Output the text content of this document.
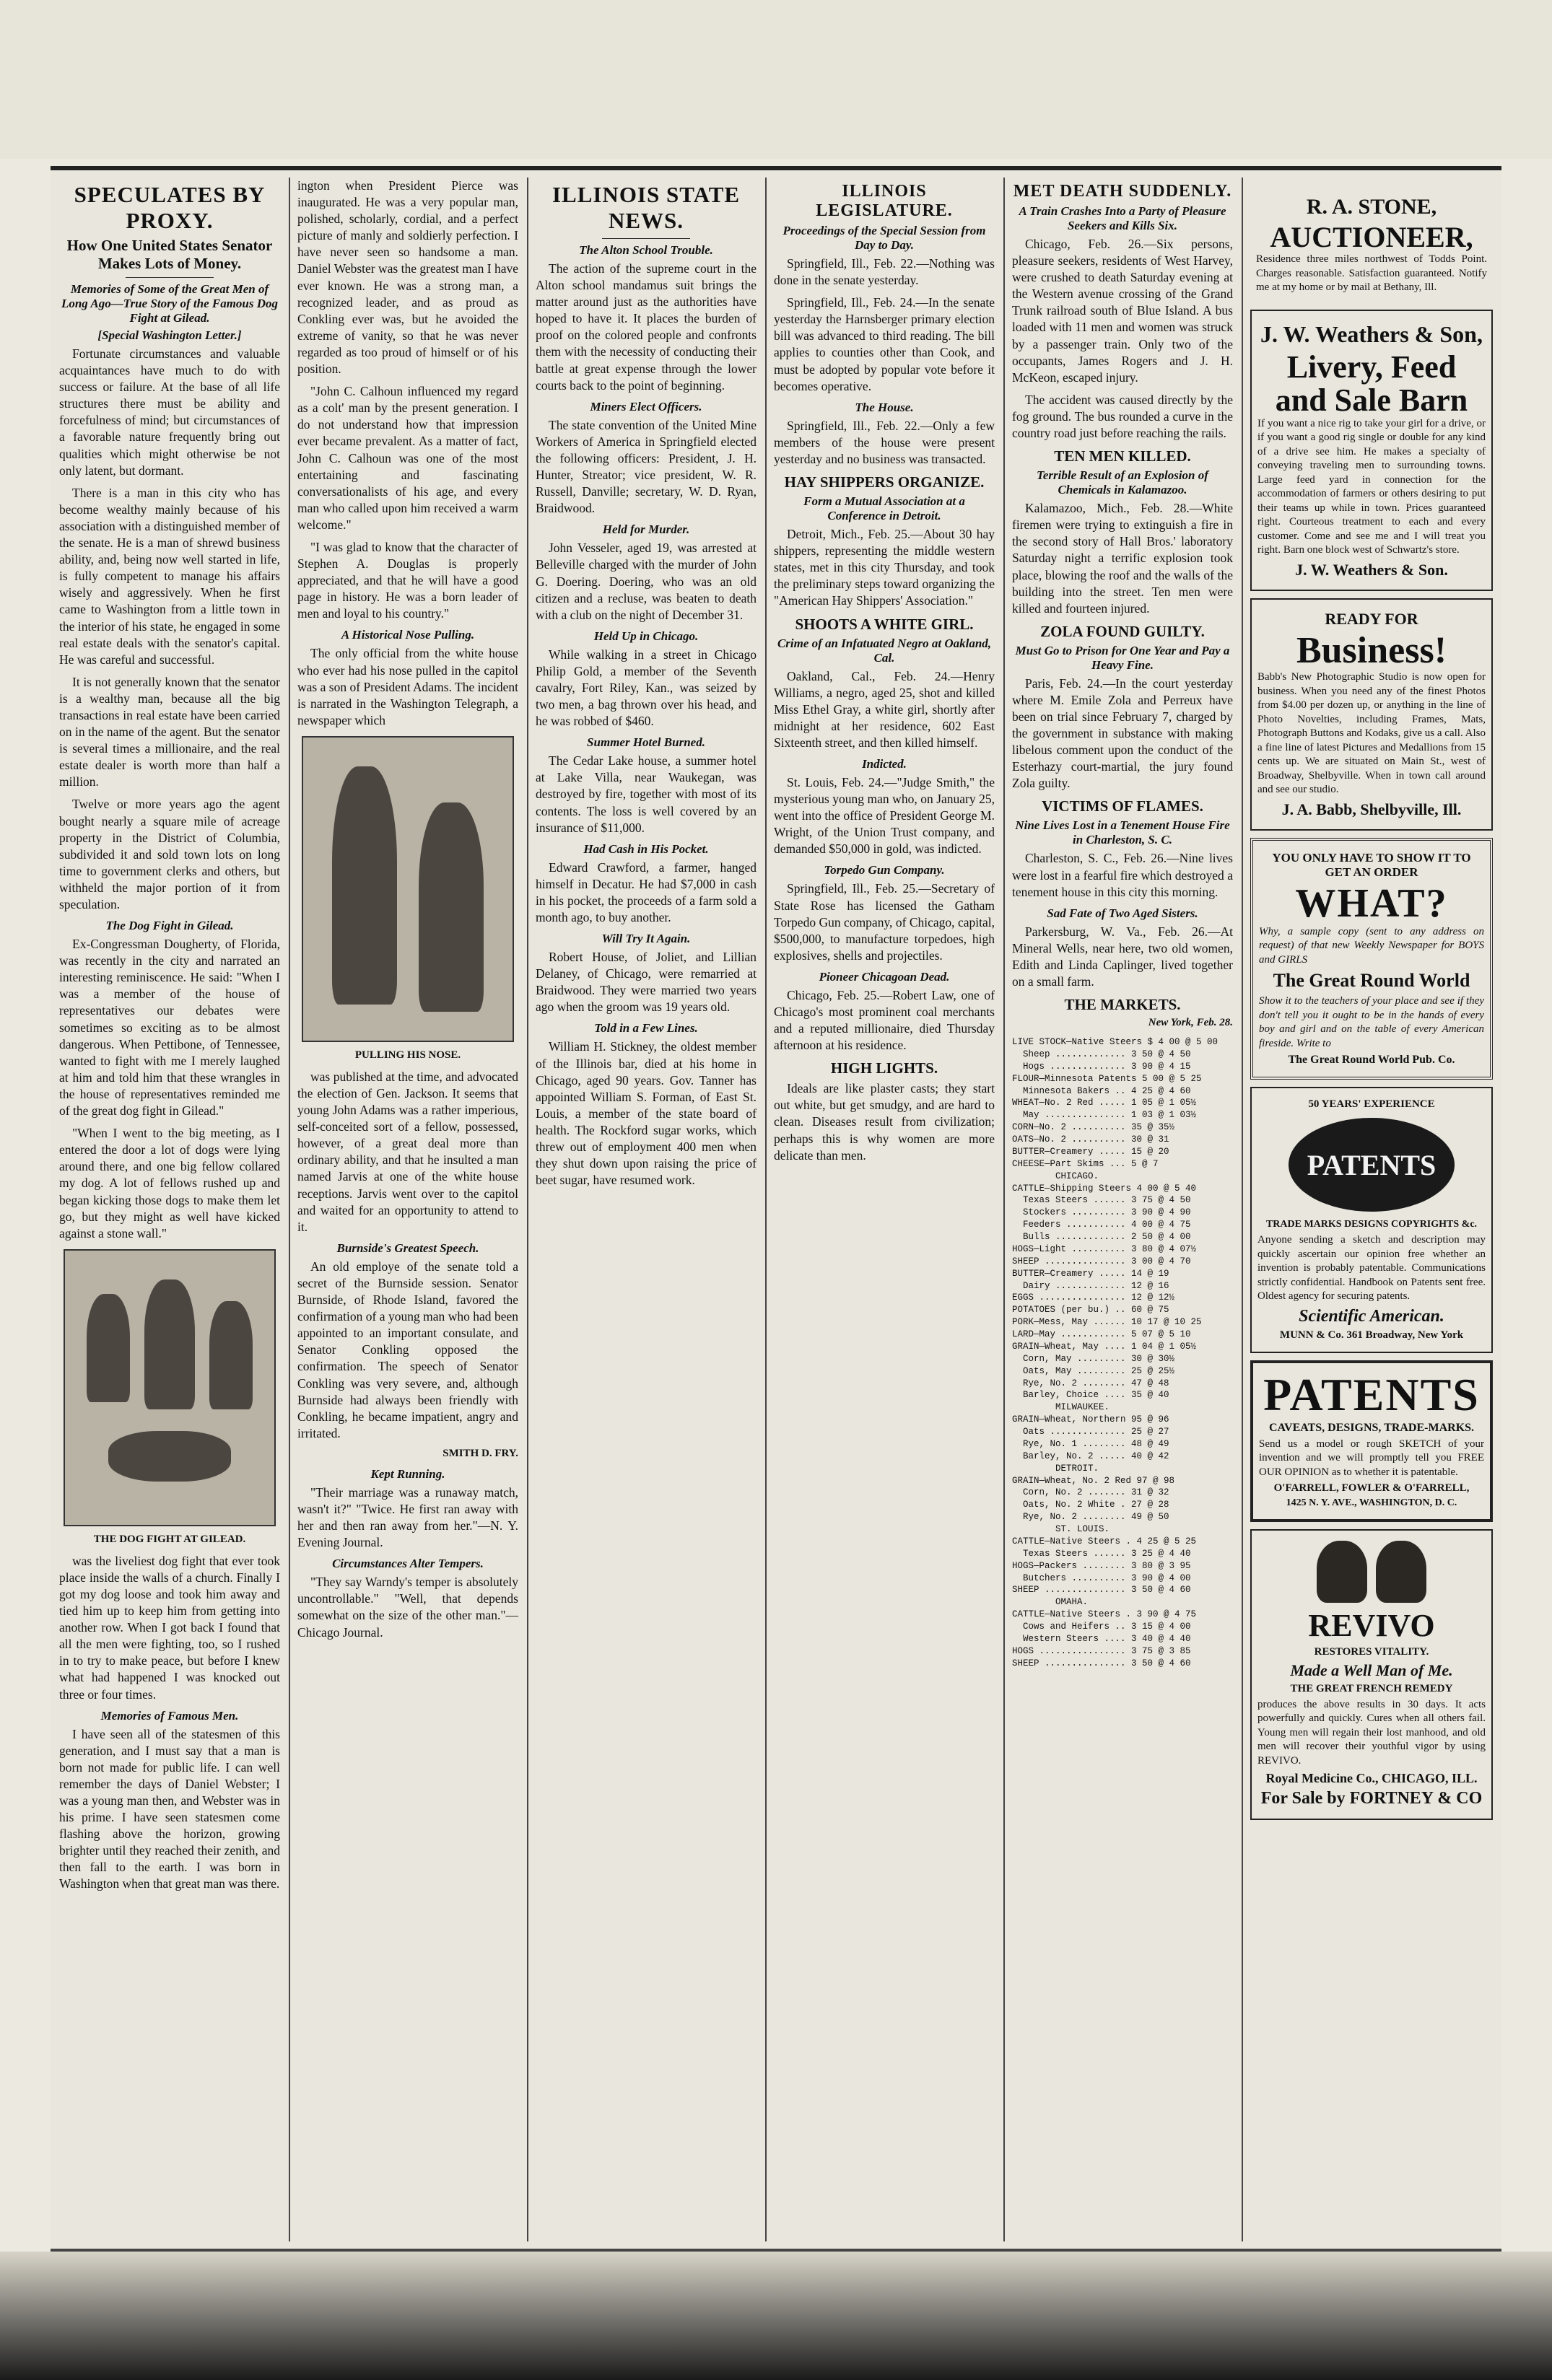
SPECULATES BY PROXY.
How One United States Senator Makes Lots of Money.
Memories of Some of the Great Men of Long Ago—True Story of the Famous Dog Fight at Gilead.
[Special Washington Letter.]

Fortunate circumstances and valuable acquaintances have much to do with success or failure. At the base of all life structures there must be ability and forcefulness of mind; but circumstances of a favorable nature frequently bring out qualities which might otherwise be not only latent, but dormant.

There is a man in this city who has become wealthy mainly because of his association with a distinguished member of the senate. He is a man of shrewd business ability, and, being now well started in life, is fully competent to manage his affairs wisely and aggressively. When he first came to Washington from a little town in the interior of his state, he engaged in some real estate deals with the senator's capital. He was careful and successful.

It is not generally known that the senator is a wealthy man, because all the big transactions in real estate have been carried on in the name of the agent. But the senator is several times a millionaire, and the real estate dealer is worth more than half a million.

Twelve or more years ago the agent bought nearly a square mile of acreage property in the District of Columbia, subdivided it and sold town lots on long time to government clerks and others, but withheld the major portion of it from speculation.

The Dog Fight in Gilead.

Ex-Congressman Dougherty, of Florida, was recently in the city and narrated an interesting reminiscence. He said: "When I was a member of the house of representatives our debates were sometimes so exciting as to be almost dangerous. When Pettibone, of Tennessee, wanted to fight with me I merely laughed at him and told him that these wrangles in the house of representatives reminded me of the great dog fight in Gilead."

"When I went to the big meeting, as I entered the door a lot of dogs were lying around there, and one big fellow collared my dog. A lot of fellows rushed up and began kicking those dogs to make them let go, but they might as well have kicked against a stone wall."

THE DOG FIGHT AT GILEAD.

was the liveliest dog fight that ever took place inside the walls of a church. Finally I got my dog loose and took him away and tied him up to keep him from getting into another row. When I got back I found that all the men were fighting, too, so I rushed in to try to make peace, but before I knew what had happened I was knocked out three or four times.

Memories of Famous Men.

I have seen all of the statesmen of this generation, and I must say that a man is born not made for public life. I can well remember the days of Daniel Webster; I was a young man then, and Webster was in his prime. I have seen statesmen come flashing above the horizon, growing brighter until they reached their zenith, and then fall to the earth. I was born in Washington when that great man was there.

ington when President Pierce was inaugurated. He was a very popular man, polished, scholarly, cordial, and a perfect picture of manly and soldierly perfection. I have never seen so handsome a man. Daniel Webster was the greatest man I have ever known. He was a strong man, a recognized leader, and as proud as Conkling ever was, but he avoided the extreme of vanity, so that he was never regarded as too proud of himself or of his position.

"John C. Calhoun influenced my regard as a colt' man by the present generation. I do not understand how that impression ever became prevalent. As a matter of fact, John C. Calhoun was one of the most entertaining and fascinating conversationalists of his age, and every man who called upon him received a warm welcome."

"I was glad to know that the character of Stephen A. Douglas is properly appreciated, and that he will have a good page in history. He was a born leader of men and loyal to his country."

A Historical Nose Pulling.

The only official from the white house who ever had his nose pulled in the capitol was a son of President Adams. The incident is narrated in the Washington Telegraph, a newspaper which

PULLING HIS NOSE.

was published at the time, and advocated the election of Gen. Jackson. It seems that young John Adams was a rather imperious, self-conceited sort of a fellow, possessed, however, of a great deal more than ordinary ability, and that he insulted a man named Jarvis at one of the white house receptions. Jarvis went over to the capitol and waited for an opportunity to attend to it.

Burnside's Greatest Speech.

An old employe of the senate told a secret of the Burnside session. Senator Burnside, of Rhode Island, favored the confirmation of a young man who had been appointed to an important consulate, and Senator Conkling opposed the confirmation. The speech of Senator Conkling was very severe, and, although Burnside had always been friendly with Conkling, he became impatient, angry and irritated.

SMITH D. FRY.
Kept Running.

"Their marriage was a runaway match, wasn't it?" "Twice. He first ran away with her and then ran away from her."—N. Y. Evening Journal.

Circumstances Alter Tempers.

"They say Warndy's temper is absolutely uncontrollable." "Well, that depends somewhat on the size of the other man."—Chicago Journal.

ILLINOIS STATE NEWS.
The Alton School Trouble.

The action of the supreme court in the Alton school mandamus suit brings the matter around just as the authorities have hoped to have it. It places the burden of proof on the colored people and confronts them with the necessity of conducting their battle at great expense through the lower courts back to the point of beginning.

Miners Elect Officers.

The state convention of the United Mine Workers of America in Springfield elected the following officers: President, J. H. Hunter, Streator; vice president, W. R. Russell, Danville; secretary, W. D. Ryan, Braidwood.

Held for Murder.

John Vesseler, aged 19, was arrested at Belleville charged with the murder of John G. Doering. Doering, who was an old citizen and a recluse, was beaten to death with a club on the night of December 31.

Held Up in Chicago.

While walking in a street in Chicago Philip Gold, a member of the Seventh cavalry, Fort Riley, Kan., was seized by two men, a bag thrown over his head, and he was robbed of $460.

Summer Hotel Burned.

The Cedar Lake house, a summer hotel at Lake Villa, near Waukegan, was destroyed by fire, together with most of its contents. The loss is well covered by an insurance of $11,000.

Had Cash in His Pocket.

Edward Crawford, a farmer, hanged himself in Decatur. He had $7,000 in cash in his pocket, the proceeds of a farm sold a month ago, to buy another.

Will Try It Again.

Robert House, of Joliet, and Lillian Delaney, of Chicago, were remarried at Braidwood. They were married two years ago when the groom was 19 years old.

Told in a Few Lines.

William H. Stickney, the oldest member of the Illinois bar, died at his home in Chicago, aged 90 years. Gov. Tanner has appointed William S. Forman, of East St. Louis, a member of the state board of health. The Rockford sugar works, which threw out of employment 400 men when they shut down upon raising the price of beet sugar, have resumed work.

ILLINOIS LEGISLATURE.
Proceedings of the Special Session from Day to Day.

Springfield, Ill., Feb. 22.—Nothing was done in the senate yesterday.

Springfield, Ill., Feb. 24.—In the senate yesterday the Harnsberger primary election bill was advanced to third reading. The bill applies to counties other than Cook, and must be adopted by popular vote before it becomes operative.

The House.

Springfield, Ill., Feb. 22.—Only a few members of the house were present yesterday and no business was transacted.

HAY SHIPPERS ORGANIZE.
Form a Mutual Association at a Conference in Detroit.

Detroit, Mich., Feb. 25.—About 30 hay shippers, representing the middle western states, met in this city Thursday, and took the preliminary steps toward organizing the "American Hay Shippers' Association."

SHOOTS A WHITE GIRL.
Crime of an Infatuated Negro at Oakland, Cal.

Oakland, Cal., Feb. 24.—Henry Williams, a negro, aged 25, shot and killed Miss Ethel Gray, a white girl, shortly after midnight at her residence, 602 East Sixteenth street, and then killed himself.

Indicted.

St. Louis, Feb. 24.—"Judge Smith," the mysterious young man who, on January 25, went into the office of President George M. Wright, of the Union Trust company, and demanded $50,000 in gold, was indicted.

Torpedo Gun Company.

Springfield, Ill., Feb. 25.—Secretary of State Rose has licensed the Gatham Torpedo Gun company, of Chicago, capital, $500,000, to manufacture torpedoes, high explosives, shells and projectiles.

Pioneer Chicagoan Dead.

Chicago, Feb. 25.—Robert Law, one of Chicago's most prominent coal merchants and a reputed millionaire, died Thursday afternoon at his residence.

HIGH LIGHTS.

Ideals are like plaster casts; they start out white, but get smudgy, and are hard to clean. Diseases result from civilization; perhaps this is why women are more delicate than men.

MET DEATH SUDDENLY.
A Train Crashes Into a Party of Pleasure Seekers and Kills Six.

Chicago, Feb. 26.—Six persons, pleasure seekers, residents of West Harvey, were crushed to death Saturday evening at the Western avenue crossing of the Grand Trunk railroad south of Blue Island. A bus loaded with 11 men and women was struck by a passenger train. Only two of the occupants, James Rogers and J. H. McKeon, escaped injury.

The accident was caused directly by the fog ground. The bus rounded a curve in the country road just before reaching the rails.

TEN MEN KILLED.
Terrible Result of an Explosion of Chemicals in Kalamazoo.

Kalamazoo, Mich., Feb. 28.—White firemen were trying to extinguish a fire in the second story of Hall Bros.' laboratory Saturday night a terrific explosion took place, blowing the roof and the walls of the building into the street. Ten men were killed and fourteen injured.

ZOLA FOUND GUILTY.
Must Go to Prison for One Year and Pay a Heavy Fine.

Paris, Feb. 24.—In the court yesterday where M. Emile Zola and Perreux have been on trial since February 7, charged by the government in substance with making libelous comment upon the conduct of the Esterhazy court-martial, the jury found Zola guilty.

VICTIMS OF FLAMES.
Nine Lives Lost in a Tenement House Fire in Charleston, S. C.

Charleston, S. C., Feb. 26.—Nine lives were lost in a fearful fire which destroyed a tenement house in this city this morning.

Sad Fate of Two Aged Sisters.

Parkersburg, W. Va., Feb. 26.—At Mineral Wells, near here, two old women, Edith and Linda Caplinger, lived together on a small farm.

THE MARKETS.
New York, Feb. 28.
LIVE STOCK—Native Steers $ 4 00 @ 5 00
Sheep ............. 3 50 @ 4 50
Hogs .............. 3 90 @ 4 15
FLOUR—Minnesota Patents 5 00 @ 5 25
Minnesota Bakers .. 4 25 @ 4 60
WHEAT—No. 2 Red ..... 1 05 @ 1 05½
May ............... 1 03 @ 1 03½
CORN—No. 2 .......... 35 @ 35½
OATS—No. 2 .......... 30 @ 31
BUTTER—Creamery ..... 15 @ 20
CHEESE—Part Skims ... 5 @ 7
CHICAGO.
CATTLE—Shipping Steers 4 00 @ 5 40
Texas Steers ...... 3 75 @ 4 50
Stockers .......... 3 90 @ 4 90
Feeders ........... 4 00 @ 4 75
Bulls ............. 2 50 @ 4 00
HOGS—Light .......... 3 80 @ 4 07½
SHEEP ............... 3 00 @ 4 70
BUTTER—Creamery ..... 14 @ 19
Dairy ............. 12 @ 16
EGGS ................ 12 @ 12½
POTATOES (per bu.) .. 60 @ 75
PORK—Mess, May ...... 10 17 @ 10 25
LARD—May ............ 5 07 @ 5 10
GRAIN—Wheat, May .... 1 04 @ 1 05½
Corn, May ......... 30 @ 30½
Oats, May ......... 25 @ 25½
Rye, No. 2 ........ 47 @ 48
Barley, Choice .... 35 @ 40
MILWAUKEE.
GRAIN—Wheat, Northern 95 @ 96
Oats .............. 25 @ 27
Rye, No. 1 ........ 48 @ 49
Barley, No. 2 ..... 40 @ 42
DETROIT.
GRAIN—Wheat, No. 2 Red 97 @ 98
Corn, No. 2 ....... 31 @ 32
Oats, No. 2 White . 27 @ 28
Rye, No. 2 ........ 49 @ 50
ST. LOUIS.
CATTLE—Native Steers . 4 25 @ 5 25
Texas Steers ...... 3 25 @ 4 40
HOGS—Packers ........ 3 80 @ 3 95
Butchers .......... 3 90 @ 4 00
SHEEP ............... 3 50 @ 4 60
OMAHA.
CATTLE—Native Steers . 3 90 @ 4 75
Cows and Heifers .. 3 15 @ 4 00
Western Steers .... 3 40 @ 4 40
HOGS ................ 3 75 @ 3 85
SHEEP ............... 3 50 @ 4 60
R. A. STONE,
AUCTIONEER,
Residence three miles northwest of Todds Point. Charges reasonable. Satisfaction guaranteed. Notify me at my home or by mail at Bethany, Ill.
J. W. Weathers & Son,
Livery, Feed and Sale Barn
If you want a nice rig to take your girl for a drive, or if you want a good rig single or double for any kind of a drive see him. He makes a specialty of conveying traveling men to surrounding towns. Large feed yard in connection for the accommodation of farmers or others desiring to put their teams up while in town. Prices guaranteed right. Courteous treatment to each and every customer. Come and see me and I will treat you right. Barn one block west of Schwartz's store.
J. W. Weathers & Son.
READY FOR
Business!
Babb's New Photographic Studio is now open for business. When you need any of the finest Photos from $4.00 per dozen up, or anything in the line of Photo Novelties, including Frames, Mats, Photograph Buttons and Kodaks, give us a call. Also a fine line of latest Pictures and Medallions from 15 cents up. We are situated on Main St., west of Broadway, Shelbyville. When in town call around and see our studio.
J. A. Babb, Shelbyville, Ill.
YOU ONLY HAVE TO SHOW IT TO GET AN ORDER
WHAT?
Why, a sample copy (sent to any address on request) of that new Weekly Newspaper for BOYS and GIRLS
The Great Round World
Show it to the teachers of your place and see if they don't tell you it ought to be in the hands of every boy and girl and on the table of every American fireside. Write to
The Great Round World Pub. Co.
50 YEARS' EXPERIENCE
PATENTS
TRADE MARKS DESIGNS COPYRIGHTS &c.
Anyone sending a sketch and description may quickly ascertain our opinion free whether an invention is probably patentable. Communications strictly confidential. Handbook on Patents sent free. Oldest agency for securing patents.
Scientific American.
MUNN & Co. 361 Broadway, New York
PATENTS
CAVEATS, DESIGNS, TRADE-MARKS.
Send us a model or rough SKETCH of your invention and we will promptly tell you FREE OUR OPINION as to whether it is patentable.
O'FARRELL, FOWLER & O'FARRELL,
1425 N. Y. AVE., WASHINGTON, D. C.
REVIVO
RESTORES VITALITY.
Made a Well Man of Me.
THE GREAT FRENCH REMEDY
produces the above results in 30 days. It acts powerfully and quickly. Cures when all others fail. Young men will regain their lost manhood, and old men will recover their youthful vigor by using REVIVO.
Royal Medicine Co., CHICAGO, ILL.
For Sale by FORTNEY & CO
